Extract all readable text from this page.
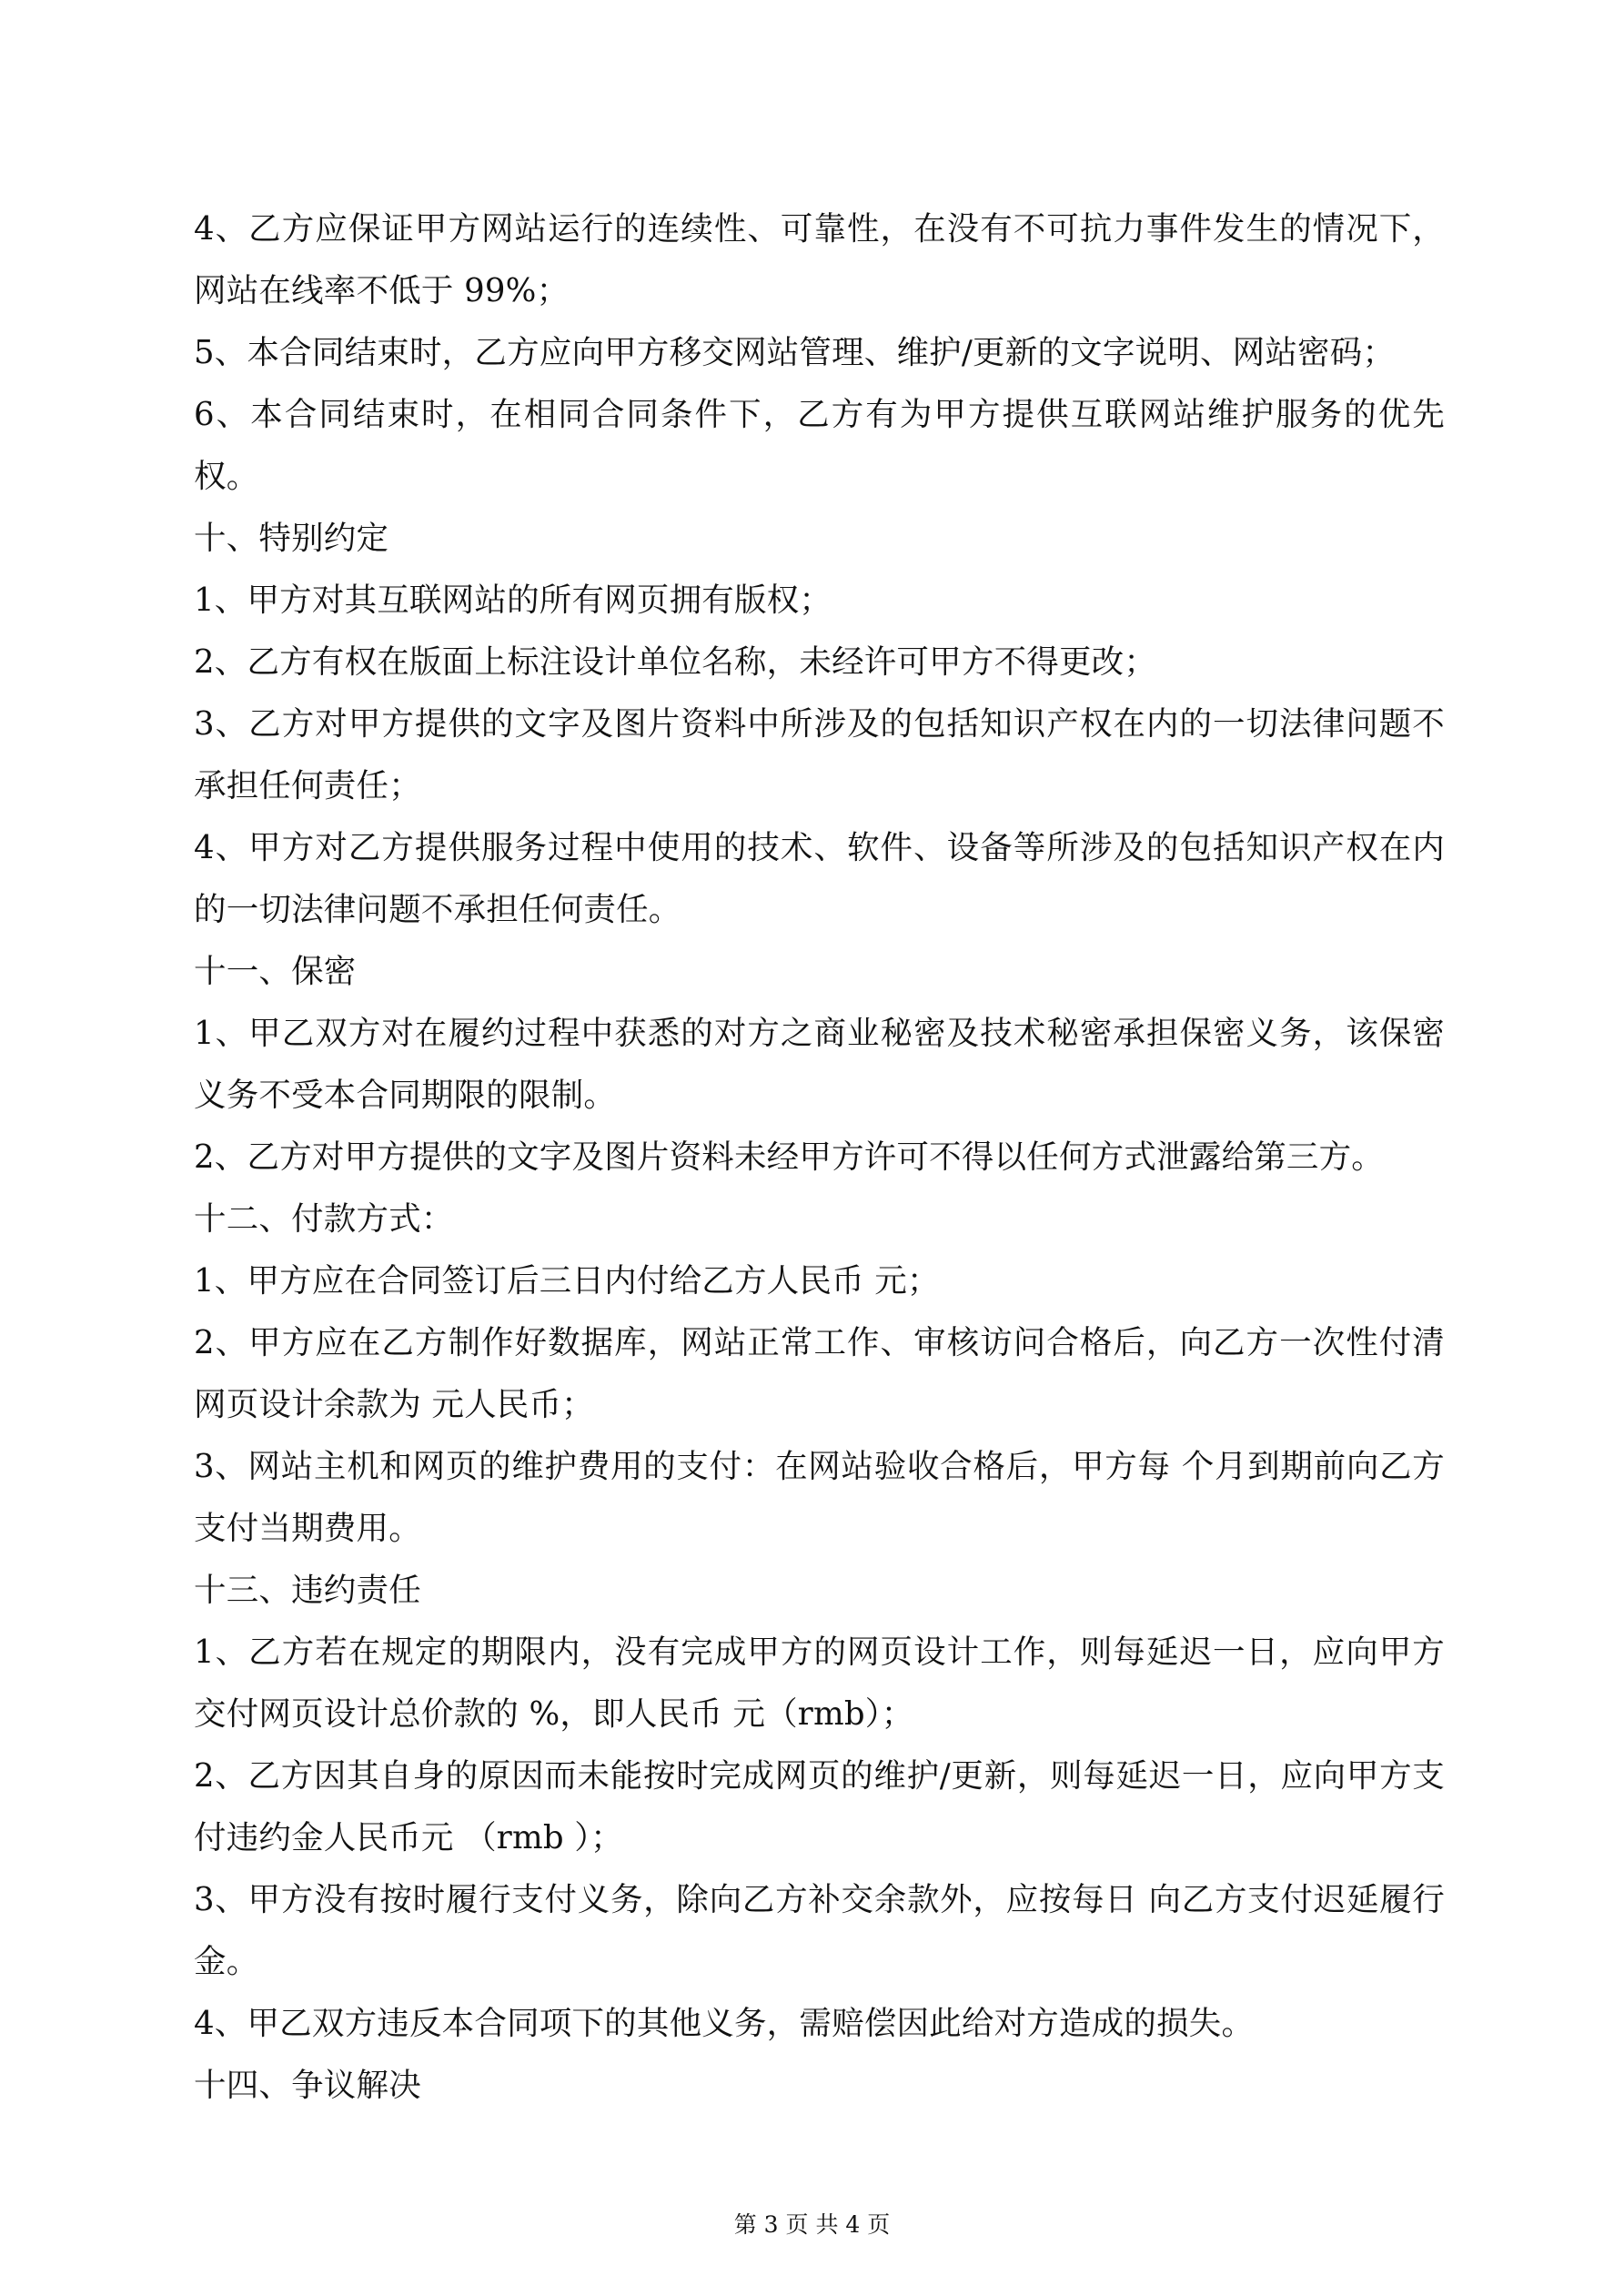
4、乙方应保证甲方网站运行的连续性、可靠性，在没有不可抗力事件发生的情况下，网站在线率不低于 99%；

5、本合同结束时，乙方应向甲方移交网站管理、维护/更新的文字说明、网站密码；

6、本合同结束时，在相同合同条件下，乙方有为甲方提供互联网站维护服务的优先权。

十、特别约定

1、甲方对其互联网站的所有网页拥有版权；

2、乙方有权在版面上标注设计单位名称，未经许可甲方不得更改；

3、乙方对甲方提供的文字及图片资料中所涉及的包括知识产权在内的一切法律问题不承担任何责任；

4、甲方对乙方提供服务过程中使用的技术、软件、设备等所涉及的包括知识产权在内的一切法律问题不承担任何责任。

十一、保密

1、甲乙双方对在履约过程中获悉的对方之商业秘密及技术秘密承担保密义务，该保密义务不受本合同期限的限制。

2、乙方对甲方提供的文字及图片资料未经甲方许可不得以任何方式泄露给第三方。

十二、付款方式：

1、甲方应在合同签订后三日内付给乙方人民币 元；

2、甲方应在乙方制作好数据库，网站正常工作、审核访问合格后，向乙方一次性付清网页设计余款为 元人民币；

3、网站主机和网页的维护费用的支付：在网站验收合格后，甲方每 个月到期前向乙方支付当期费用。

十三、违约责任

1、乙方若在规定的期限内，没有完成甲方的网页设计工作，则每延迟一日，应向甲方交付网页设计总价款的 %，即人民币 元（rmb）；

2、乙方因其自身的原因而未能按时完成网页的维护/更新，则每延迟一日，应向甲方支付违约金人民币元 （rmb ）；

3、甲方没有按时履行支付义务，除向乙方补交余款外，应按每日 向乙方支付迟延履行金。

4、甲乙双方违反本合同项下的其他义务，需赔偿因此给对方造成的损失。

十四、争议解决

第 3 页 共 4 页
